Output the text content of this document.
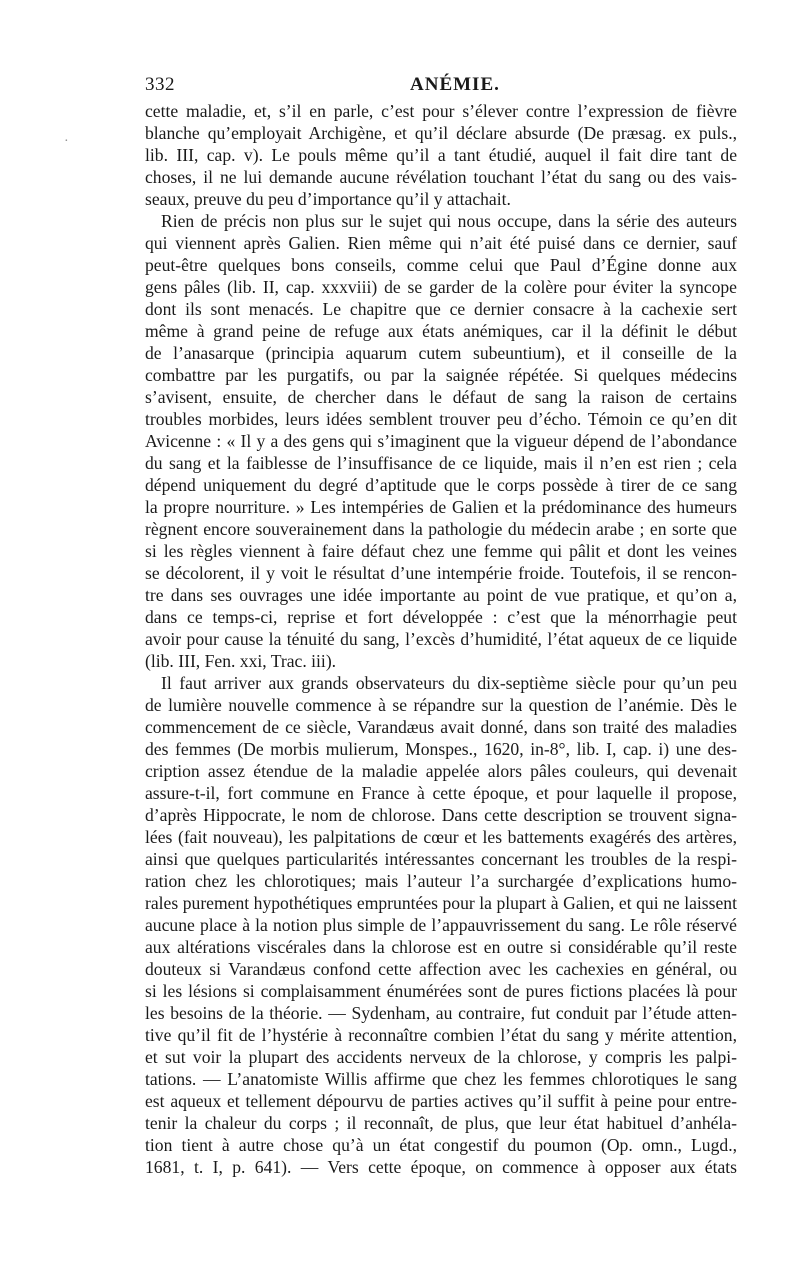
332	ANÉMIE.
·
cette maladie, et, s’il en parle, c’est pour s’élever contre l’expression de fièvre
blanche qu’employait Archigène, et qu’il déclare absurde (De præsag. ex puls.,
lib. III, cap. v). Le pouls même qu’il a tant étudié, auquel il fait dire tant de
choses, il ne lui demande aucune révélation touchant l’état du sang ou des vais-
seaux, preuve du peu d’importance qu’il y attachait.
Rien de précis non plus sur le sujet qui nous occupe, dans la série des auteurs
qui viennent après Galien. Rien même qui n’ait été puisé dans ce dernier, sauf
peut-être quelques bons conseils, comme celui que Paul d’Égine donne aux
gens pâles (lib. II, cap. xxxviii) de se garder de la colère pour éviter la syncope
dont ils sont menacés. Le chapitre que ce dernier consacre à la cachexie sert
même à grand peine de refuge aux états anémiques, car il la définit le début
de l’anasarque (principia aquarum cutem subeuntium), et il conseille de la
combattre par les purgatifs, ou par la saignée répétée. Si quelques médecins
s’avisent, ensuite, de chercher dans le défaut de sang la raison de certains
troubles morbides, leurs idées semblent trouver peu d’écho. Témoin ce qu’en dit
Avicenne : « Il y a des gens qui s’imaginent que la vigueur dépend de l’abondance
du sang et la faiblesse de l’insuffisance de ce liquide, mais il n’en est rien ; cela
dépend uniquement du degré d’aptitude que le corps possède à tirer de ce sang
la propre nourriture. » Les intempéries de Galien et la prédominance des humeurs
règnent encore souverainement dans la pathologie du médecin arabe ; en sorte que
si les règles viennent à faire défaut chez une femme qui pâlit et dont les veines
se décolorent, il y voit le résultat d’une intempérie froide. Toutefois, il se rencon-
tre dans ses ouvrages une idée importante au point de vue pratique, et qu’on a,
dans ce temps-ci, reprise et fort développée : c’est que la ménorrhagie peut
avoir pour cause la ténuité du sang, l’excès d’humidité, l’état aqueux de ce liquide
(lib. III, Fen. xxi, Trac. iii).
Il faut arriver aux grands observateurs du dix-septième siècle pour qu’un peu
de lumière nouvelle commence à se répandre sur la question de l’anémie. Dès le
commencement de ce siècle, Varandæus avait donné, dans son traité des maladies
des femmes (De morbis mulierum, Monspes., 1620, in-8°, lib. I, cap. i) une des-
cription assez étendue de la maladie appelée alors pâles couleurs, qui devenait
assure-t-il, fort commune en France à cette époque, et pour laquelle il propose,
d’après Hippocrate, le nom de chlorose. Dans cette description se trouvent signa-
lées (fait nouveau), les palpitations de cœur et les battements exagérés des artères,
ainsi que quelques particularités intéressantes concernant les troubles de la respi-
ration chez les chlorotiques; mais l’auteur l’a surchargée d’explications humo-
rales purement hypothétiques empruntées pour la plupart à Galien, et qui ne laissent
aucune place à la notion plus simple de l’appauvrissement du sang. Le rôle réservé
aux altérations viscérales dans la chlorose est en outre si considérable qu’il reste
douteux si Varandæus confond cette affection avec les cachexies en général, ou
si les lésions si complaisamment énumérées sont de pures fictions placées là pour
les besoins de la théorie. — Sydenham, au contraire, fut conduit par l’étude atten-
tive qu’il fit de l’hystérie à reconnaître combien l’état du sang y mérite attention,
et sut voir la plupart des accidents nerveux de la chlorose, y compris les palpi-
tations. — L’anatomiste Willis affirme que chez les femmes chlorotiques le sang
est aqueux et tellement dépourvu de parties actives qu’il suffit à peine pour entre-
tenir la chaleur du corps ; il reconnaît, de plus, que leur état habituel d’anhéla-
tion tient à autre chose qu’à un état congestif du poumon (Op. omn., Lugd.,
1681, t. I, p. 641). — Vers cette époque, on commence à opposer aux états
